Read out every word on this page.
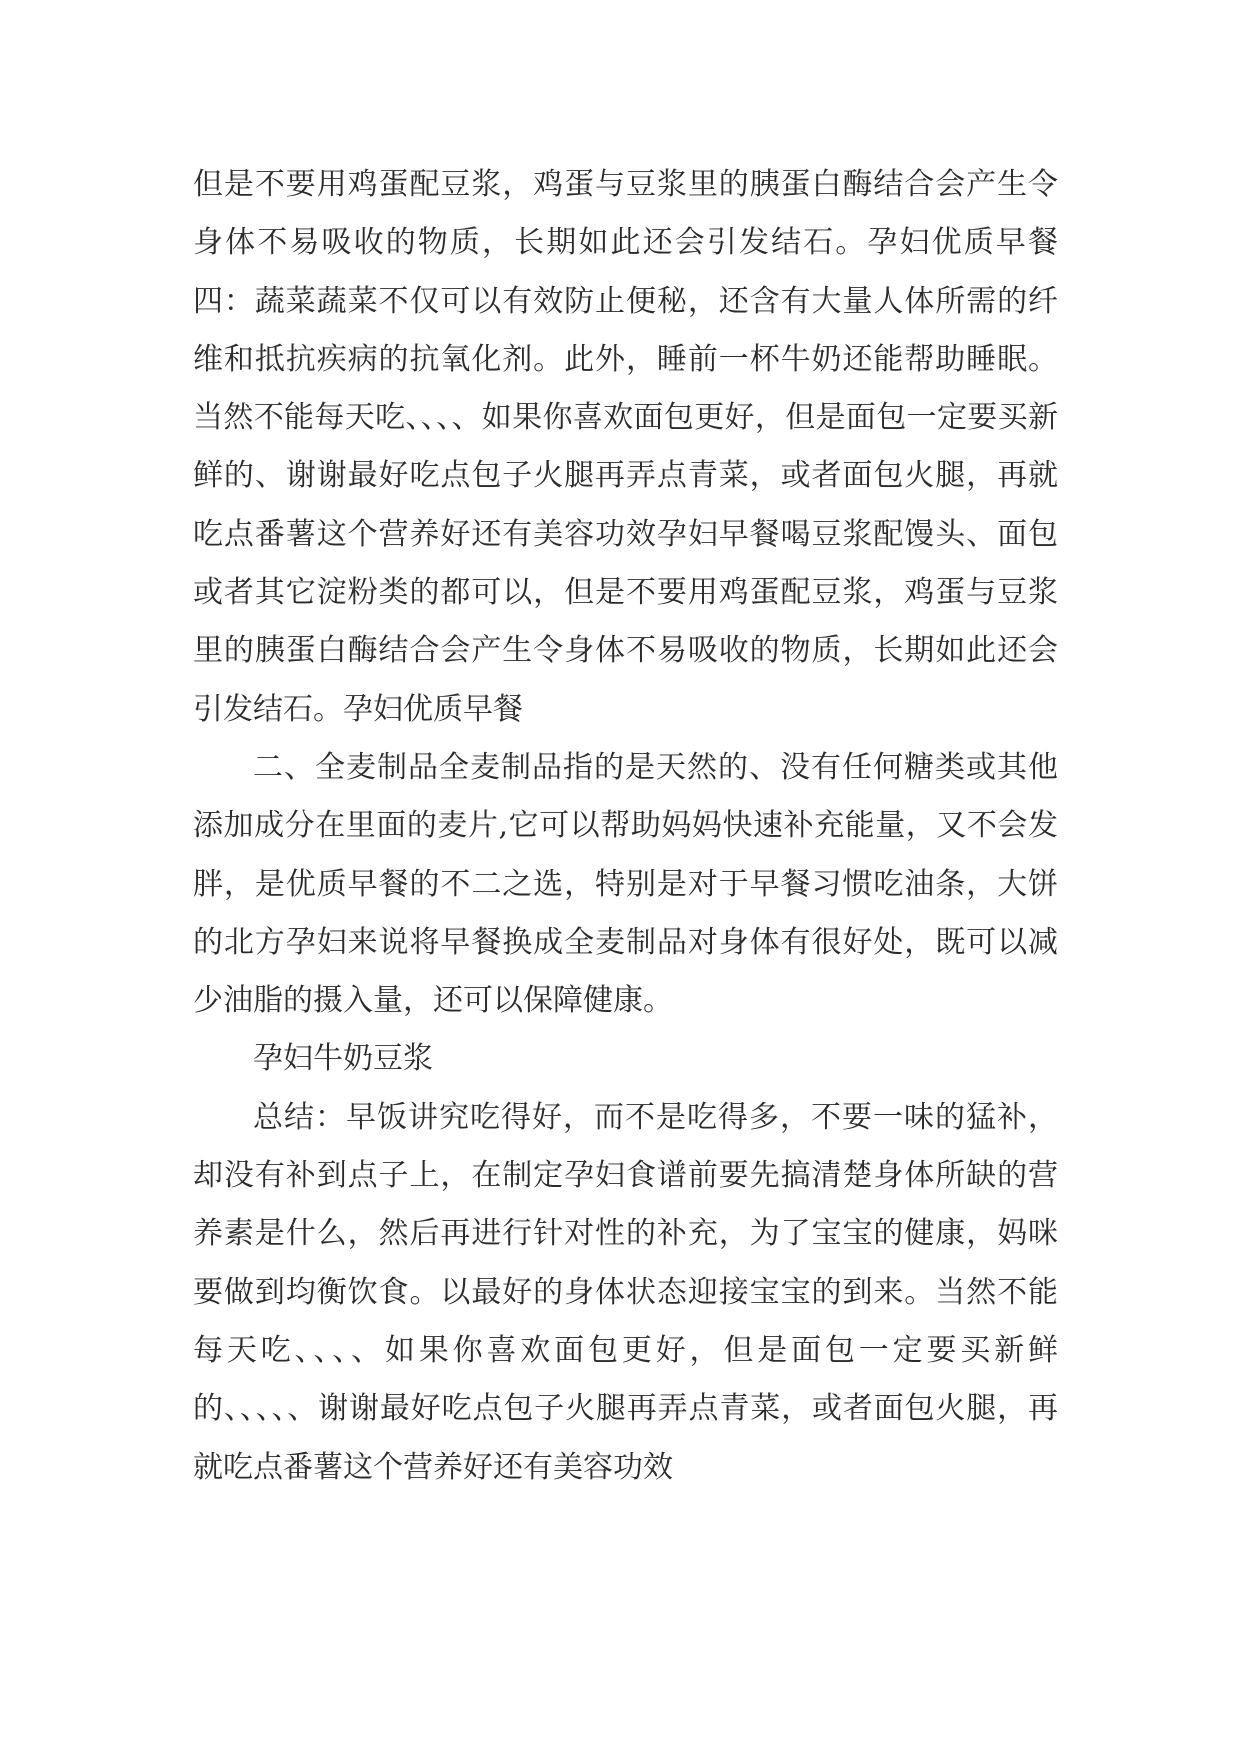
但是不要用鸡蛋配豆浆，鸡蛋与豆浆里的胰蛋白酶结合会产生令身体不易吸收的物质，长期如此还会引发结石。孕妇优质早餐四：蔬菜蔬菜不仅可以有效防止便秘，还含有大量人体所需的纤维和抵抗疾病的抗氧化剂。此外，睡前一杯牛奶还能帮助睡眠。当然不能每天吃、、、、如果你喜欢面包更好，但是面包一定要买新鲜的、谢谢最好吃点包子火腿再弄点青菜，或者面包火腿，再就吃点番薯这个营养好还有美容功效孕妇早餐喝豆浆配馒头、面包或者其它淀粉类的都可以，但是不要用鸡蛋配豆浆，鸡蛋与豆浆里的胰蛋白酶结合会产生令身体不易吸收的物质，长期如此还会引发结石。孕妇优质早餐

二、全麦制品全麦制品指的是天然的、没有任何糖类或其他添加成分在里面的麦片,它可以帮助妈妈快速补充能量，又不会发胖，是优质早餐的不二之选，特别是对于早餐习惯吃油条，大饼的北方孕妇来说将早餐换成全麦制品对身体有很好处，既可以减少油脂的摄入量，还可以保障健康。

孕妇牛奶豆浆

总结：早饭讲究吃得好，而不是吃得多，不要一味的猛补，却没有补到点子上，在制定孕妇食谱前要先搞清楚身体所缺的营养素是什么，然后再进行针对性的补充，为了宝宝的健康，妈咪要做到均衡饮食。以最好的身体状态迎接宝宝的到来。当然不能每天吃、、、、如果你喜欢面包更好，但是面包一定要买新鲜的、、、、、谢谢最好吃点包子火腿再弄点青菜，或者面包火腿，再就吃点番薯这个营养好还有美容功效
